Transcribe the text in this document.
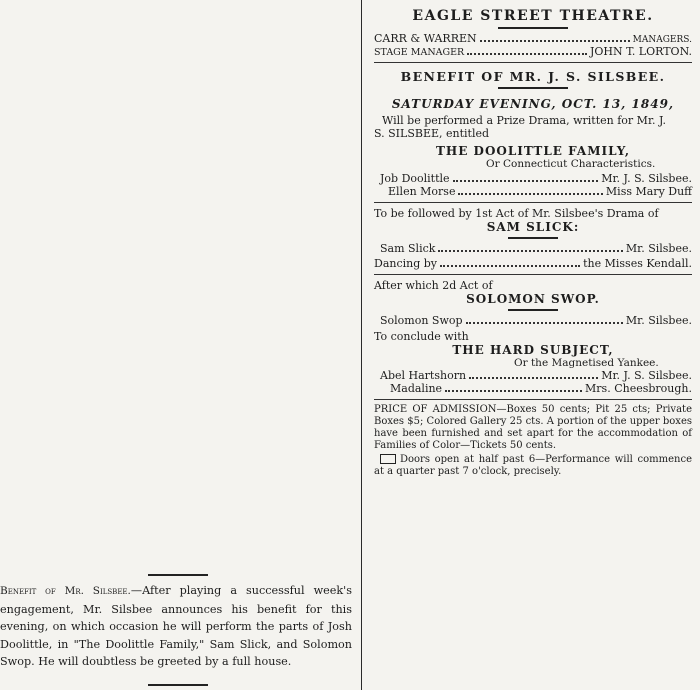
Benefit of Mr. Silsbee.—After playing a successful week's engagement, Mr. Silsbee announces his benefit for this evening, on which occasion he will perform the parts of Josh Doolittle, in "The Doolittle Family," Sam Slick, and Solomon Swop. He will doubtless be greeted by a full house.
EAGLE STREET THEATRE.
CARR & WARREN	MANAGERS.
STAGE MANAGER	JOHN T. LORTON.
BENEFIT OF MR. J. S. SILSBEE.
SATURDAY EVENING, OCT. 13, 1849,
Will be performed a Prize Drama, written for Mr. J.
S. SILSBEE, entitled
THE DOOLITTLE FAMILY,
Or Connecticut Characteristics.
Job Doolittle	Mr. J. S. Silsbee.
Ellen Morse	Miss Mary Duff
To be followed by 1st Act of Mr. Silsbee's Drama of
SAM SLICK:
Sam Slick	Mr. Silsbee.
Dancing by	the Misses Kendall.
After which 2d Act of
SOLOMON SWOP.
Solomon Swop	Mr. Silsbee.
To conclude with
THE HARD SUBJECT,
Or the Magnetised Yankee.
Abel Hartshorn	Mr. J. S. Silsbee.
Madaline	Mrs. Cheesbrough.
PRICE OF ADMISSION—Boxes 50 cents; Pit 25 cts; Private Boxes $5; Colored Gallery 25 cts. A portion of the upper boxes have been furnished and set apart for the accommodation of Families of Color—Tickets 50 cents.
Doors open at half past 6—Performance will commence at a quarter past 7 o'clock, precisely.
